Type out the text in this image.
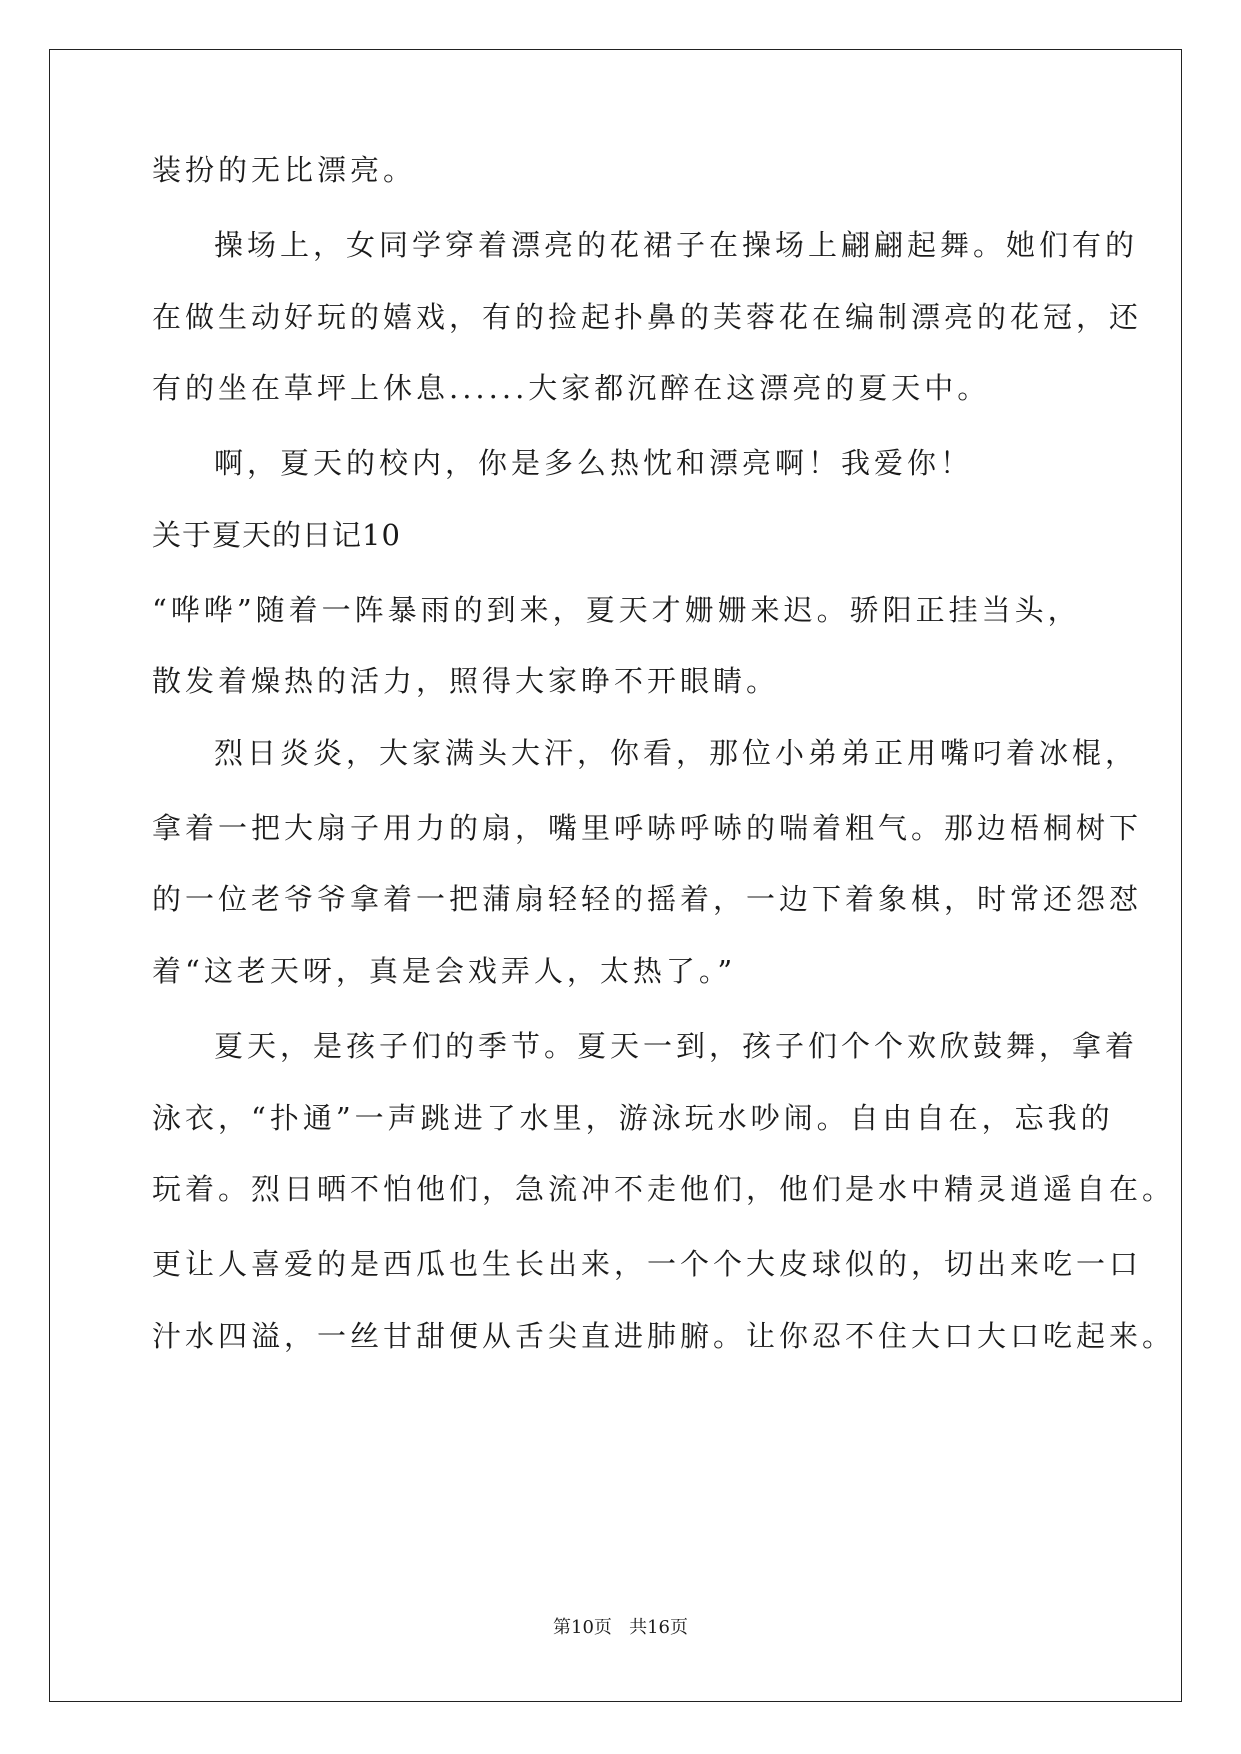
装扮的无比漂亮。
操场上，女同学穿着漂亮的花裙子在操场上翩翩起舞。她们有的
在做生动好玩的嬉戏，有的捡起扑鼻的芙蓉花在编制漂亮的花冠，还
有的坐在草坪上休息......大家都沉醉在这漂亮的夏天中。
啊，夏天的校内，你是多么热忱和漂亮啊！我爱你！
关于夏天的日记10
“哗哗”随着一阵暴雨的到来，夏天才姗姗来迟。骄阳正挂当头，
散发着燥热的活力，照得大家睁不开眼睛。
烈日炎炎，大家满头大汗，你看，那位小弟弟正用嘴叼着冰棍，
拿着一把大扇子用力的扇，嘴里呼哧呼哧的喘着粗气。那边梧桐树下
的一位老爷爷拿着一把蒲扇轻轻的摇着，一边下着象棋，时常还怨怼
着“这老天呀，真是会戏弄人，太热了。”
夏天，是孩子们的季节。夏天一到，孩子们个个欢欣鼓舞，拿着
泳衣，“扑通”一声跳进了水里，游泳玩水吵闹。自由自在，忘我的
玩着。烈日晒不怕他们，急流冲不走他们，他们是水中精灵逍遥自在。
更让人喜爱的是西瓜也生长出来，一个个大皮球似的，切出来吃一口
汁水四溢，一丝甘甜便从舌尖直进肺腑。让你忍不住大口大口吃起来。
第10页   共16页
